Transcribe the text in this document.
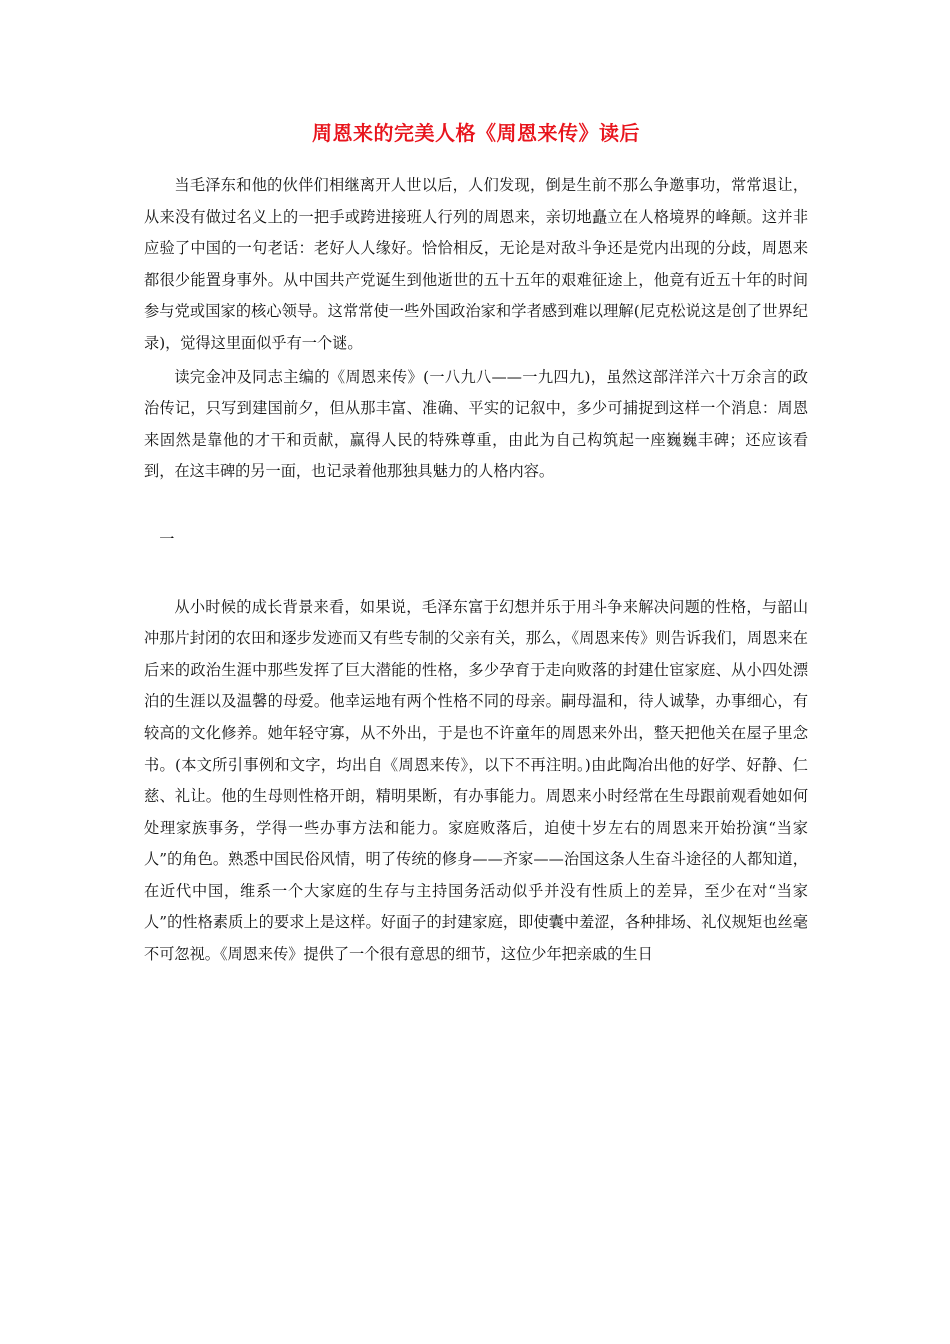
周恩来的完美人格《周恩来传》读后

当毛泽东和他的伙伴们相继离开人世以后，人们发现，倒是生前不那么争邀事功，常常退让，从来没有做过名义上的一把手或跨进接班人行列的周恩来，亲切地矗立在人格境界的峰颠。这并非应验了中国的一句老话：老好人人缘好。恰恰相反，无论是对敌斗争还是党内出现的分歧，周恩来都很少能置身事外。从中国共产党诞生到他逝世的五十五年的艰难征途上，他竟有近五十年的时间参与党或国家的核心领导。这常常使一些外国政治家和学者感到难以理解(尼克松说这是创了世界纪录)，觉得这里面似乎有一个谜。

读完金冲及同志主编的《周恩来传》(一八九八——一九四九)，虽然这部洋洋六十万余言的政治传记，只写到建国前夕，但从那丰富、准确、平实的记叙中，多少可捕捉到这样一个消息：周恩来固然是靠他的才干和贡献，赢得人民的特殊尊重，由此为自己构筑起一座巍巍丰碑；还应该看到，在这丰碑的另一面，也记录着他那独具魅力的人格内容。

一

从小时候的成长背景来看，如果说，毛泽东富于幻想并乐于用斗争来解决问题的性格，与韶山冲那片封闭的农田和逐步发迹而又有些专制的父亲有关，那么，《周恩来传》则告诉我们，周恩来在后来的政治生涯中那些发挥了巨大潜能的性格，多少孕育于走向败落的封建仕宦家庭、从小四处漂泊的生涯以及温馨的母爱。他幸运地有两个性格不同的母亲。嗣母温和，待人诚挚，办事细心，有较高的文化修养。她年轻守寡，从不外出，于是也不许童年的周恩来外出，整天把他关在屋子里念书。(本文所引事例和文字，均出自《周恩来传》，以下不再注明。)由此陶冶出他的好学、好静、仁慈、礼让。他的生母则性格开朗，精明果断，有办事能力。周恩来小时经常在生母跟前观看她如何处理家族事务，学得一些办事方法和能力。家庭败落后，迫使十岁左右的周恩来开始扮演“当家人”的角色。熟悉中国民俗风情，明了传统的修身——齐家——治国这条人生奋斗途径的人都知道，在近代中国，维系一个大家庭的生存与主持国务活动似乎并没有性质上的差异，至少在对“当家人”的性格素质上的要求上是这样。好面子的封建家庭，即使囊中羞涩，各种排场、礼仪规矩也丝毫不可忽视。《周恩来传》提供了一个很有意思的细节，这位少年把亲戚的生日
